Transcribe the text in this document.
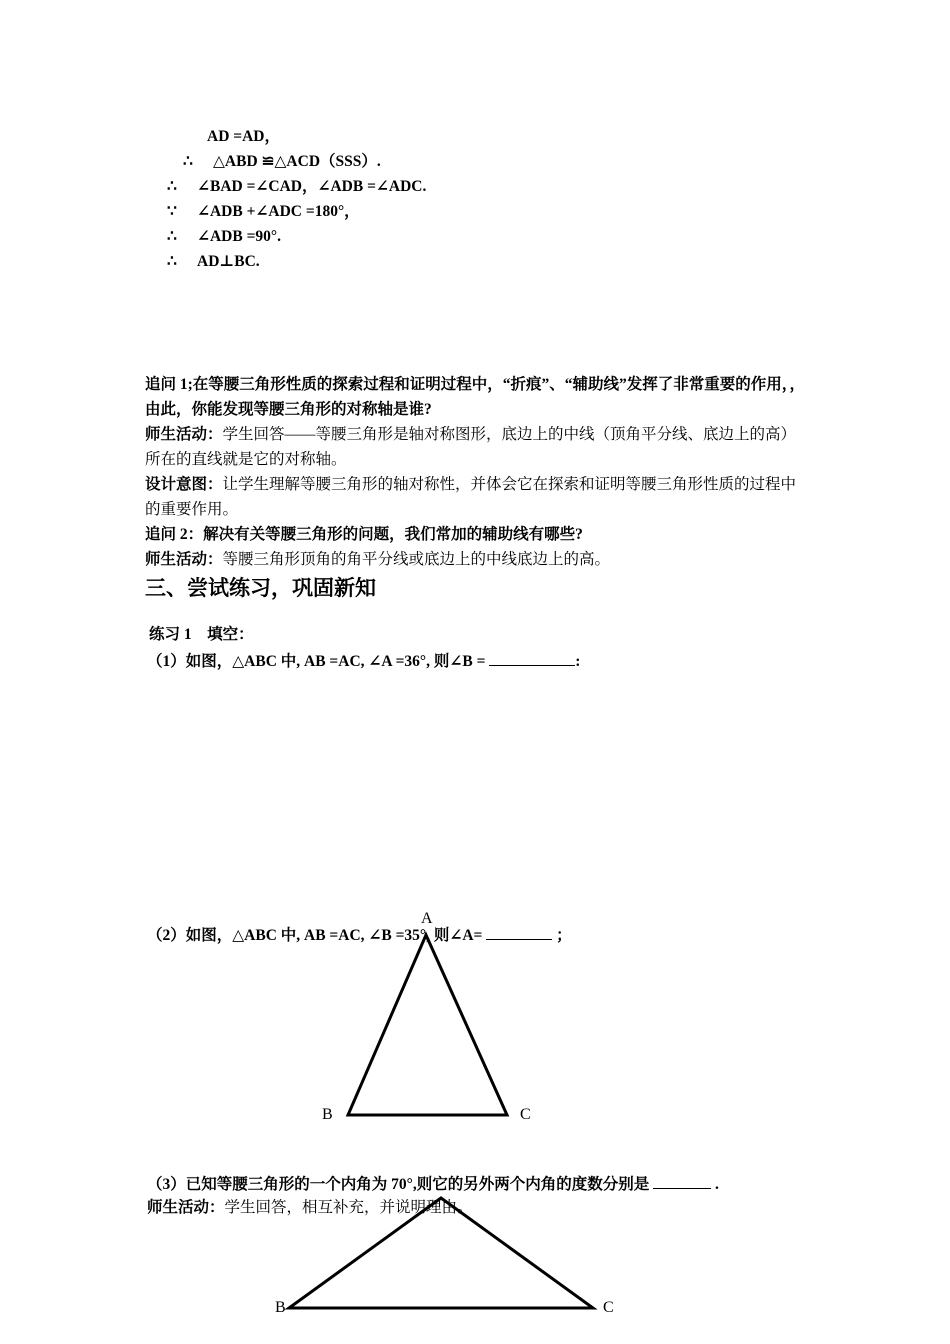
AD =AD，
∴ △ABD ≌△ACD（SSS）.
∴ ∠BAD =∠CAD，∠ADB =∠ADC.
∵ ∠ADB +∠ADC =180°，
∴ ∠ADB =90°.
∴ AD⊥BC.
追问 1;在等腰三角形性质的探索过程和证明过程中，“折痕”、“辅助线”发挥了非常重要的作用，，由此，你能发现等腰三角形的对称轴是谁?
师生活动：学生回答——等腰三角形是轴对称图形，底边上的中线（顶角平分线、底边上的高）所在的直线就是它的对称轴。
设计意图：让学生理解等腰三角形的轴对称性，并体会它在探索和证明等腰三角形性质的过程中的重要作用。
追问 2：解决有关等腰三角形的问题，我们常加的辅助线有哪些?
师生活动：等腰三角形顶角的角平分线或底边上的中线底边上的高。
三、尝试练习，巩固新知
练习 1　填空：
（1）如图，△ABC 中, AB =AC, ∠A =36°, 则∠B =	:
（2）如图，△ABC 中, AB =AC, ∠B =35°, 则∠A=	；
A
B	C
（3）已知等腰三角形的一个内角为 70°,则它的另外两个内角的度数分别是	.
师生活动：学生回答，相互补充，并说明理由。
B	C
